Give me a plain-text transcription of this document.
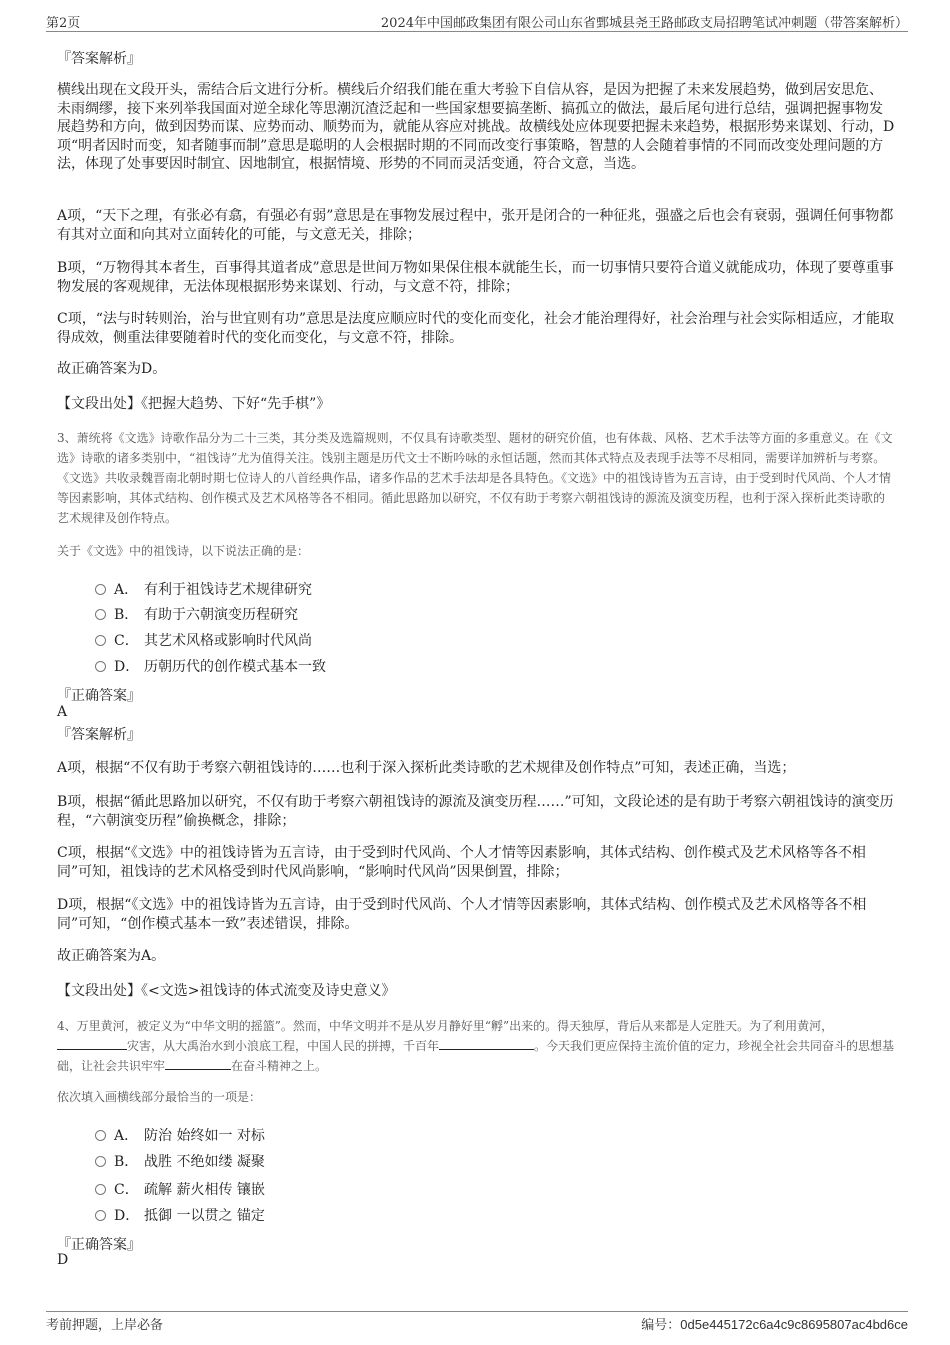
第2页	2024年中国邮政集团有限公司山东省鄄城县尧王路邮政支局招聘笔试冲刺题（带答案解析）
『答案解析』
横线出现在文段开头，需结合后文进行分析。横线后介绍我们能在重大考验下自信从容，是因为把握了未来发展趋势，做到居安思危、未雨绸缪，接下来列举我国面对逆全球化等思潮沉渣泛起和一些国家想要搞垄断、搞孤立的做法，最后尾句进行总结，强调把握事物发展趋势和方向，做到因势而谋、应势而动、顺势而为，就能从容应对挑战。故横线处应体现要把握未来趋势，根据形势来谋划、行动，D项“明者因时而变，知者随事而制”意思是聪明的人会根据时期的不同而改变行事策略，智慧的人会随着事情的不同而改变处理问题的方法，体现了处事要因时制宜、因地制宜，根据情境、形势的不同而灵活变通，符合文意，当选。
A项，“天下之理，有张必有翕，有强必有弱”意思是在事物发展过程中，张开是闭合的一种征兆，强盛之后也会有衰弱，强调任何事物都有其对立面和向其对立面转化的可能，与文意无关，排除；
B项，“万物得其本者生，百事得其道者成”意思是世间万物如果保住根本就能生长，而一切事情只要符合道义就能成功，体现了要尊重事物发展的客观规律，无法体现根据形势来谋划、行动，与文意不符，排除；
C项，“法与时转则治，治与世宜则有功”意思是法度应顺应时代的变化而变化，社会才能治理得好，社会治理与社会实际相适应，才能取得成效，侧重法律要随着时代的变化而变化，与文意不符，排除。
故正确答案为D。
【文段出处】《把握大趋势、下好“先手棋”》
3、萧统将《文选》诗歌作品分为二十三类，其分类及选篇规则，不仅具有诗歌类型、题材的研究价值，也有体裁、风格、艺术手法等方面的多重意义。在《文选》诗歌的诸多类别中，“祖饯诗”尤为值得关注。饯别主题是历代文士不断吟咏的永恒话题，然而其体式特点及表现手法等不尽相同，需要详加辨析与考察。《文选》共收录魏晋南北朝时期七位诗人的八首经典作品，诸多作品的艺术手法却是各具特色。《文选》中的祖饯诗皆为五言诗，由于受到时代风尚、个人才情等因素影响，其体式结构、创作模式及艺术风格等各不相同。循此思路加以研究，不仅有助于考察六朝祖饯诗的源流及演变历程，也利于深入探析此类诗歌的艺术规律及创作特点。
关于《文选》中的祖饯诗，以下说法正确的是：
A． 有利于祖饯诗艺术规律研究
B． 有助于六朝演变历程研究
C． 其艺术风格或影响时代风尚
D． 历朝历代的创作模式基本一致
『正确答案』
A
『答案解析』
A项，根据“不仅有助于考察六朝祖饯诗的……也利于深入探析此类诗歌的艺术规律及创作特点”可知，表述正确，当选；
B项，根据“循此思路加以研究，不仅有助于考察六朝祖饯诗的源流及演变历程……”可知，文段论述的是有助于考察六朝祖饯诗的演变历程，“六朝演变历程”偷换概念，排除；
C项，根据“《文选》中的祖饯诗皆为五言诗，由于受到时代风尚、个人才情等因素影响，其体式结构、创作模式及艺术风格等各不相同”可知，祖饯诗的艺术风格受到时代风尚影响，“影响时代风尚”因果倒置，排除；
D项，根据“《文选》中的祖饯诗皆为五言诗，由于受到时代风尚、个人才情等因素影响，其体式结构、创作模式及艺术风格等各不相同”可知，“创作模式基本一致”表述错误，排除。
故正确答案为A。
【文段出处】《<文选>祖饯诗的体式流变及诗史意义》
4、万里黄河，被定义为“中华文明的摇篮”。然而，中华文明并不是从岁月静好里“孵”出来的。得天独厚，背后从来都是人定胜天。为了利用黄河，灾害，从大禹治水到小浪底工程，中国人民的拼搏，千百年	。今天我们更应保持主流价值的定力，珍视全社会共同奋斗的思想基础，让社会共识牢牢	在奋斗精神之上。
依次填入画横线部分最恰当的一项是：
A． 防治 始终如一 对标
B． 战胜 不绝如缕 凝聚
C． 疏解 薪火相传 镶嵌
D． 抵御 一以贯之 锚定
『正确答案』
D
考前押题，上岸必备	编号：0d5e445172c6a4c9c8695807ac4bd6ce
